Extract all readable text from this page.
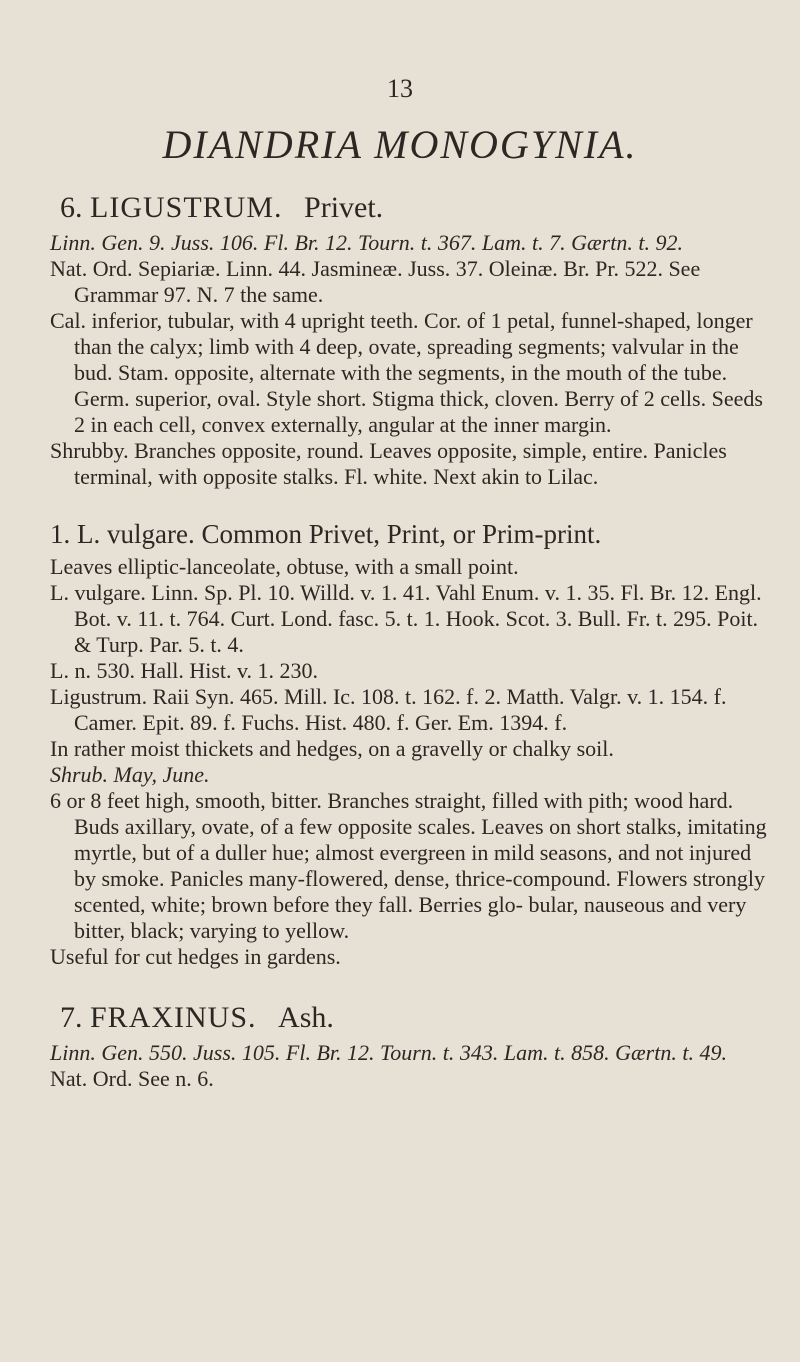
13
DIANDRIA MONOGYNIA.
6. LIGUSTRUM. Privet.

Linn. Gen. 9. Juss. 106. Fl. Br. 12. Tourn. t. 367. Lam. t. 7. Gærtn. t. 92.

Nat. Ord. Sepiariæ. Linn. 44. Jasmineæ. Juss. 37. Oleinæ. Br. Pr. 522. See Grammar 97. N. 7 the same.

Cal. inferior, tubular, with 4 upright teeth. Cor. of 1 petal, funnel-shaped, longer than the calyx; limb with 4 deep, ovate, spreading segments; valvular in the bud. Stam. opposite, alternate with the segments, in the mouth of the tube. Germ. superior, oval. Style short. Stigma thick, cloven. Berry of 2 cells. Seeds 2 in each cell, convex externally, angular at the inner margin.

Shrubby. Branches opposite, round. Leaves opposite, simple, entire. Panicles terminal, with opposite stalks. Fl. white. Next akin to Lilac.

1. L. vulgare. Common Privet, Print, or Prim-print.

Leaves elliptic-lanceolate, obtuse, with a small point.

L. vulgare. Linn. Sp. Pl. 10. Willd. v. 1. 41. Vahl Enum. v. 1. 35. Fl. Br. 12. Engl. Bot. v. 11. t. 764. Curt. Lond. fasc. 5. t. 1. Hook. Scot. 3. Bull. Fr. t. 295. Poit. & Turp. Par. 5. t. 4.

L. n. 530. Hall. Hist. v. 1. 230.

Ligustrum. Raii Syn. 465. Mill. Ic. 108. t. 162. f. 2. Matth. Valgr. v. 1. 154. f. Camer. Epit. 89. f. Fuchs. Hist. 480. f. Ger. Em. 1394. f.

In rather moist thickets and hedges, on a gravelly or chalky soil.

Shrub. May, June.

6 or 8 feet high, smooth, bitter. Branches straight, filled with pith; wood hard. Buds axillary, ovate, of a few opposite scales. Leaves on short stalks, imitating myrtle, but of a duller hue; almost evergreen in mild seasons, and not injured by smoke. Panicles many-flowered, dense, thrice-compound. Flowers strongly scented, white; brown before they fall. Berries glo- bular, nauseous and very bitter, black; varying to yellow.

Useful for cut hedges in gardens.

7. FRAXINUS. Ash.

Linn. Gen. 550. Juss. 105. Fl. Br. 12. Tourn. t. 343. Lam. t. 858. Gærtn. t. 49.

Nat. Ord. See n. 6.
